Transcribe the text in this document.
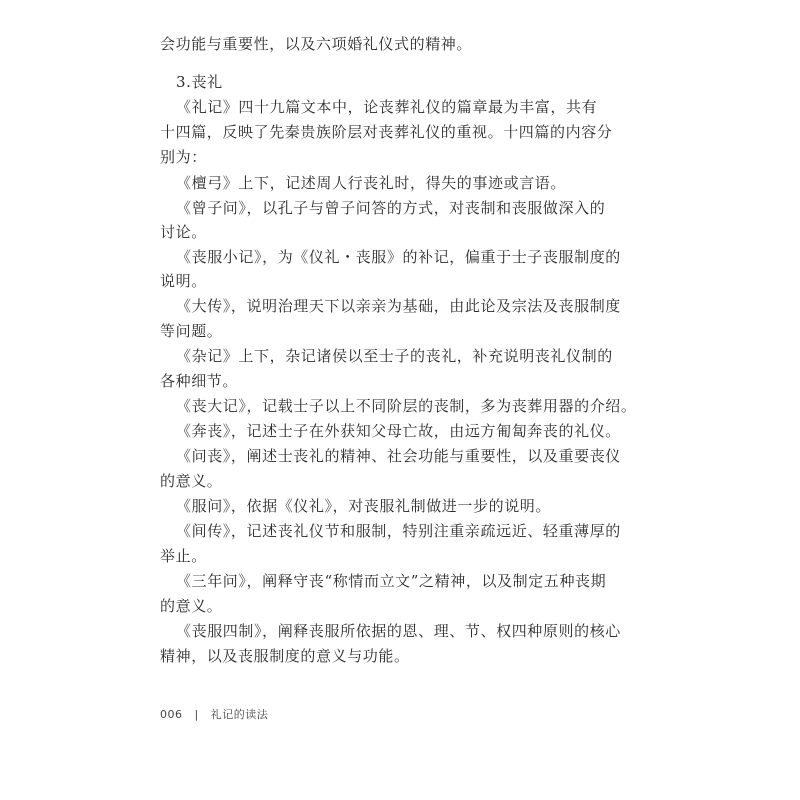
会功能与重要性，以及六项婚礼仪式的精神。
3.丧礼
《礼记》四十九篇文本中，论丧葬礼仪的篇章最为丰富，共有
十四篇，反映了先秦贵族阶层对丧葬礼仪的重视。十四篇的内容分
别为：
《檀弓》上下，记述周人行丧礼时，得失的事迹或言语。
《曾子问》，以孔子与曾子问答的方式，对丧制和丧服做深入的
讨论。
《丧服小记》，为《仪礼・丧服》的补记，偏重于士子丧服制度的
说明。
《大传》，说明治理天下以亲亲为基础，由此论及宗法及丧服制度
等问题。
《杂记》上下，杂记诸侯以至士子的丧礼，补充说明丧礼仪制的
各种细节。
《丧大记》，记载士子以上不同阶层的丧制，多为丧葬用器的介绍。
《奔丧》，记述士子在外获知父母亡故，由远方匍匐奔丧的礼仪。
《问丧》，阐述士丧礼的精神、社会功能与重要性，以及重要丧仪
的意义。
《服问》，依据《仪礼》，对丧服礼制做进一步的说明。
《间传》，记述丧礼仪节和服制，特别注重亲疏远近、轻重薄厚的
举止。
《三年问》，阐释守丧“称情而立文”之精神，以及制定五种丧期
的意义。
《丧服四制》，阐释丧服所依据的恩、理、节、权四种原则的核心
精神，以及丧服制度的意义与功能。
006 | 礼记的读法
